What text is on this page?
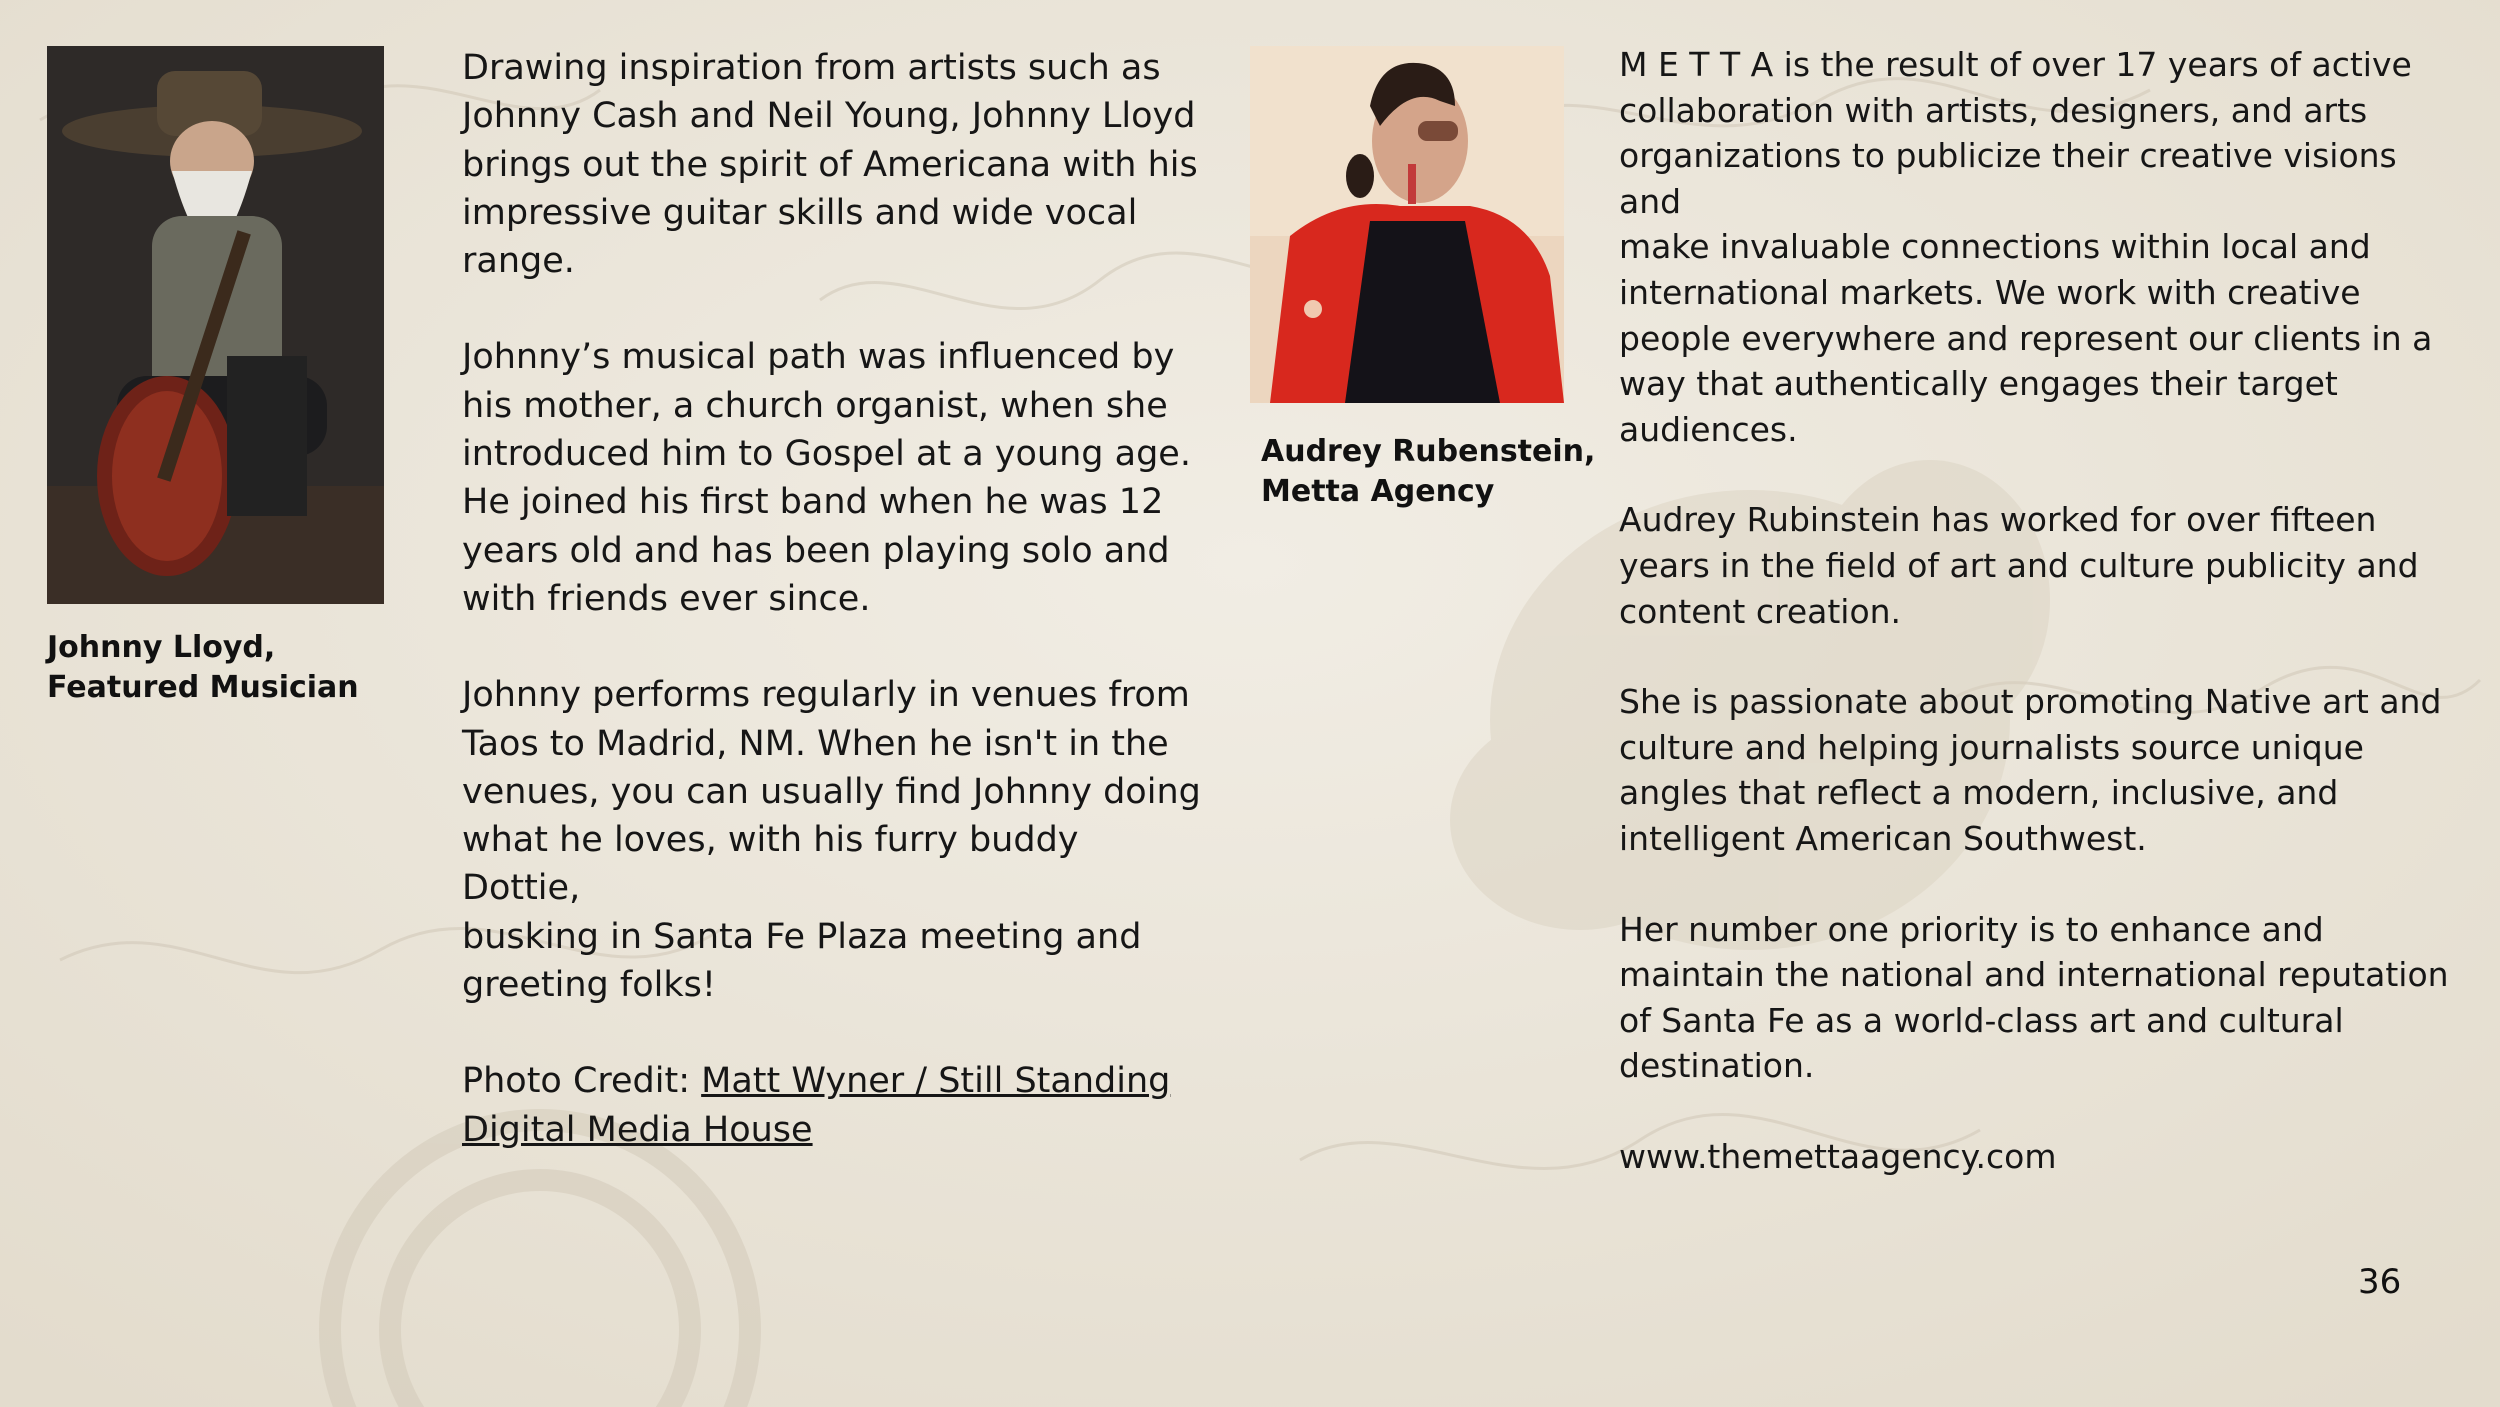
Johnny Lloyd,
Featured Musician

Drawing inspiration from artists such as
Johnny Cash and Neil Young, Johnny Lloyd
brings out the spirit of Americana with his
impressive guitar skills and wide vocal
range.

Johnny’s musical path was influenced by
his mother, a church organist, when she
introduced him to Gospel at a young age.
He joined his first band when he was 12
years old and has been playing solo and
with friends ever since.

Johnny performs regularly in venues from
Taos to Madrid, NM. When he isn't in the
venues, you can usually find Johnny doing
what he loves, with his furry buddy Dottie,
busking in Santa Fe Plaza meeting and
greeting folks!

Photo Credit: Matt Wyner / Still Standing
Digital Media House

Audrey Rubenstein,
Metta Agency

M E T T A is the result of over 17 years of active
collaboration with artists, designers, and arts
organizations to publicize their creative visions and
make invaluable connections within local and
international markets. We work with creative
people everywhere and represent our clients in a
way that authentically engages their target
audiences.

Audrey Rubinstein has worked for over fifteen
years in the field of art and culture publicity and
content creation.

She is passionate about promoting Native art and
culture and helping journalists source unique
angles that reflect a modern, inclusive, and
intelligent American Southwest.

Her number one priority is to enhance and
maintain the national and international reputation
of Santa Fe as a world-class art and cultural
destination.

www.themettaagency.com

36
